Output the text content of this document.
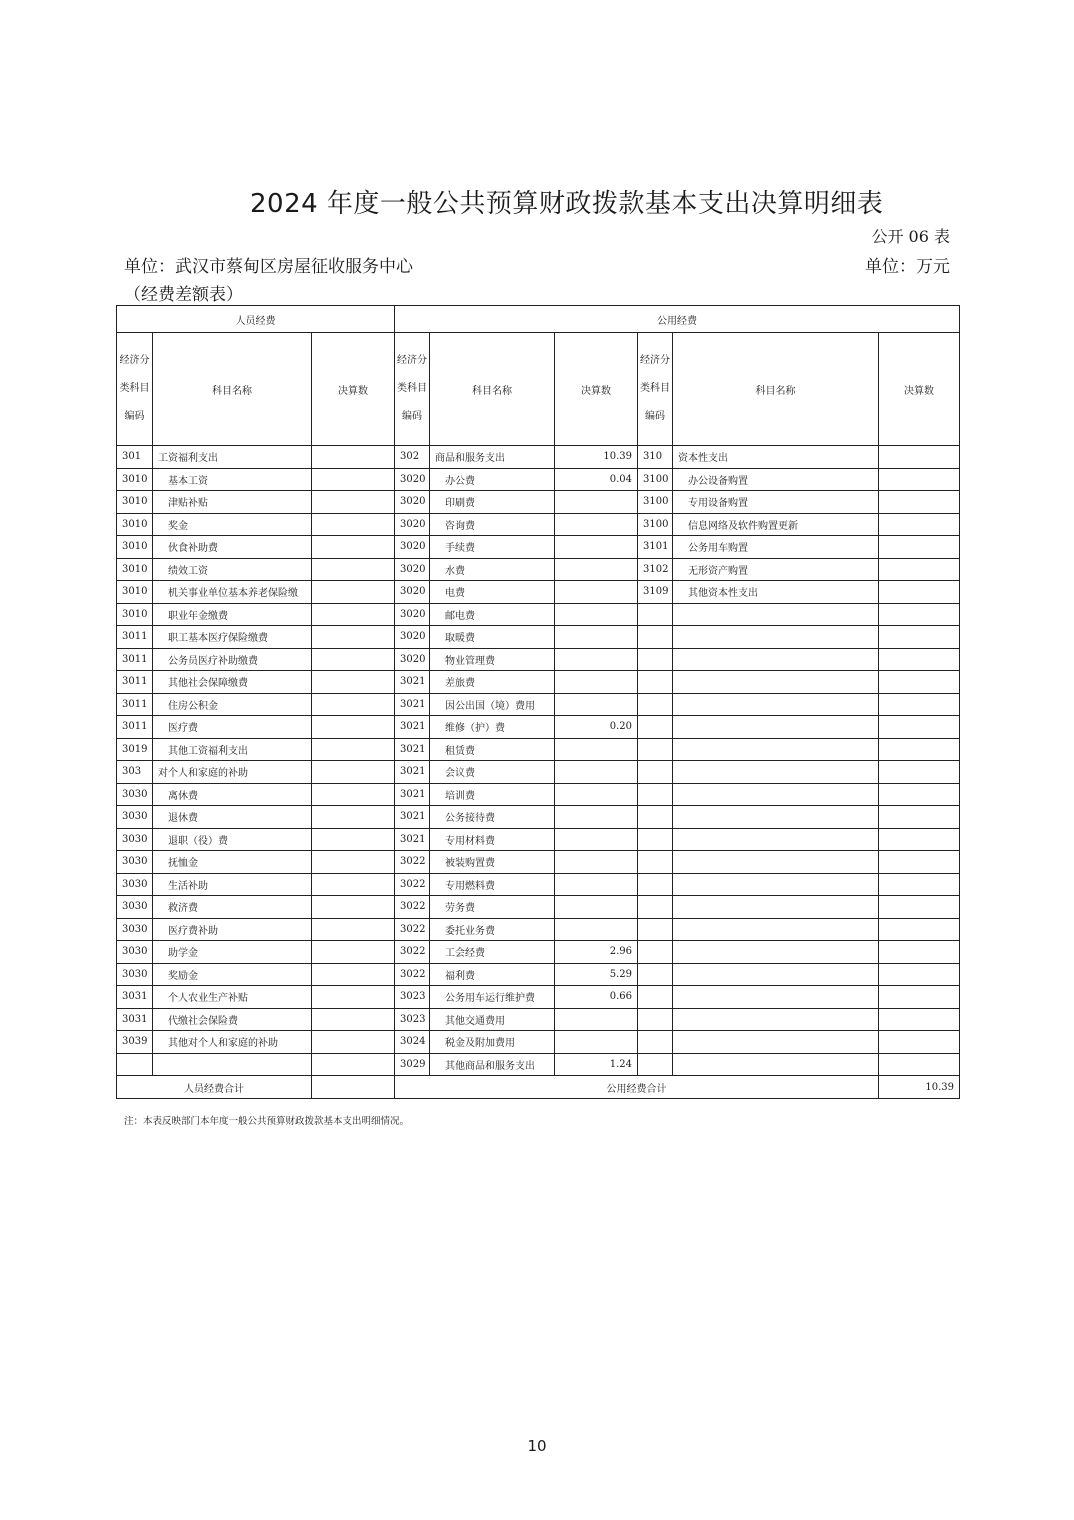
2024 年度一般公共预算财政拨款基本支出决算明细表
公开 06 表
单位：武汉市蔡甸区房屋征收服务中心	单位：万元
（经费差额表）
人员经费			公用经费					
经济分类科目编码	科目名称	决算数	经济分类科目编码	科目名称	决算数	经济分类科目编码	科目名称	决算数
301	工资福利支出		302	商品和服务支出	10.39	310	资本性支出	
3010	基本工资		3020	办公费	0.04	3100	办公设备购置	
3010	津贴补贴		3020	印刷费		3100	专用设备购置	
3010	奖金		3020	咨询费		3100	信息网络及软件购置更新	
3010	伙食补助费		3020	手续费		3101	公务用车购置	
3010	绩效工资		3020	水费		3102	无形资产购置	
3010	机关事业单位基本养老保险缴		3020	电费		3109	其他资本性支出	
3010	职业年金缴费		3020	邮电费				
3011	职工基本医疗保险缴费		3020	取暖费				
3011	公务员医疗补助缴费		3020	物业管理费				
3011	其他社会保障缴费		3021	差旅费				
3011	住房公积金		3021	因公出国（境）费用				
3011	医疗费		3021	维修（护）费	0.20			
3019	其他工资福利支出		3021	租赁费				
303	对个人和家庭的补助		3021	会议费				
3030	离休费		3021	培训费				
3030	退休费		3021	公务接待费				
3030	退职（役）费		3021	专用材料费				
3030	抚恤金		3022	被装购置费				
3030	生活补助		3022	专用燃料费				
3030	救济费		3022	劳务费				
3030	医疗费补助		3022	委托业务费				
3030	助学金		3022	工会经费	2.96			
3030	奖励金		3022	福利费	5.29			
3031	个人农业生产补贴		3023	公务用车运行维护费	0.66			
3031	代缴社会保险费		3023	其他交通费用				
3039	其他对个人和家庭的补助		3024	税金及附加费用				
			3029	其他商品和服务支出	1.24			
人员经费合计			公用经费合计					10.39
注：本表反映部门本年度一般公共预算财政拨款基本支出明细情况。
10
